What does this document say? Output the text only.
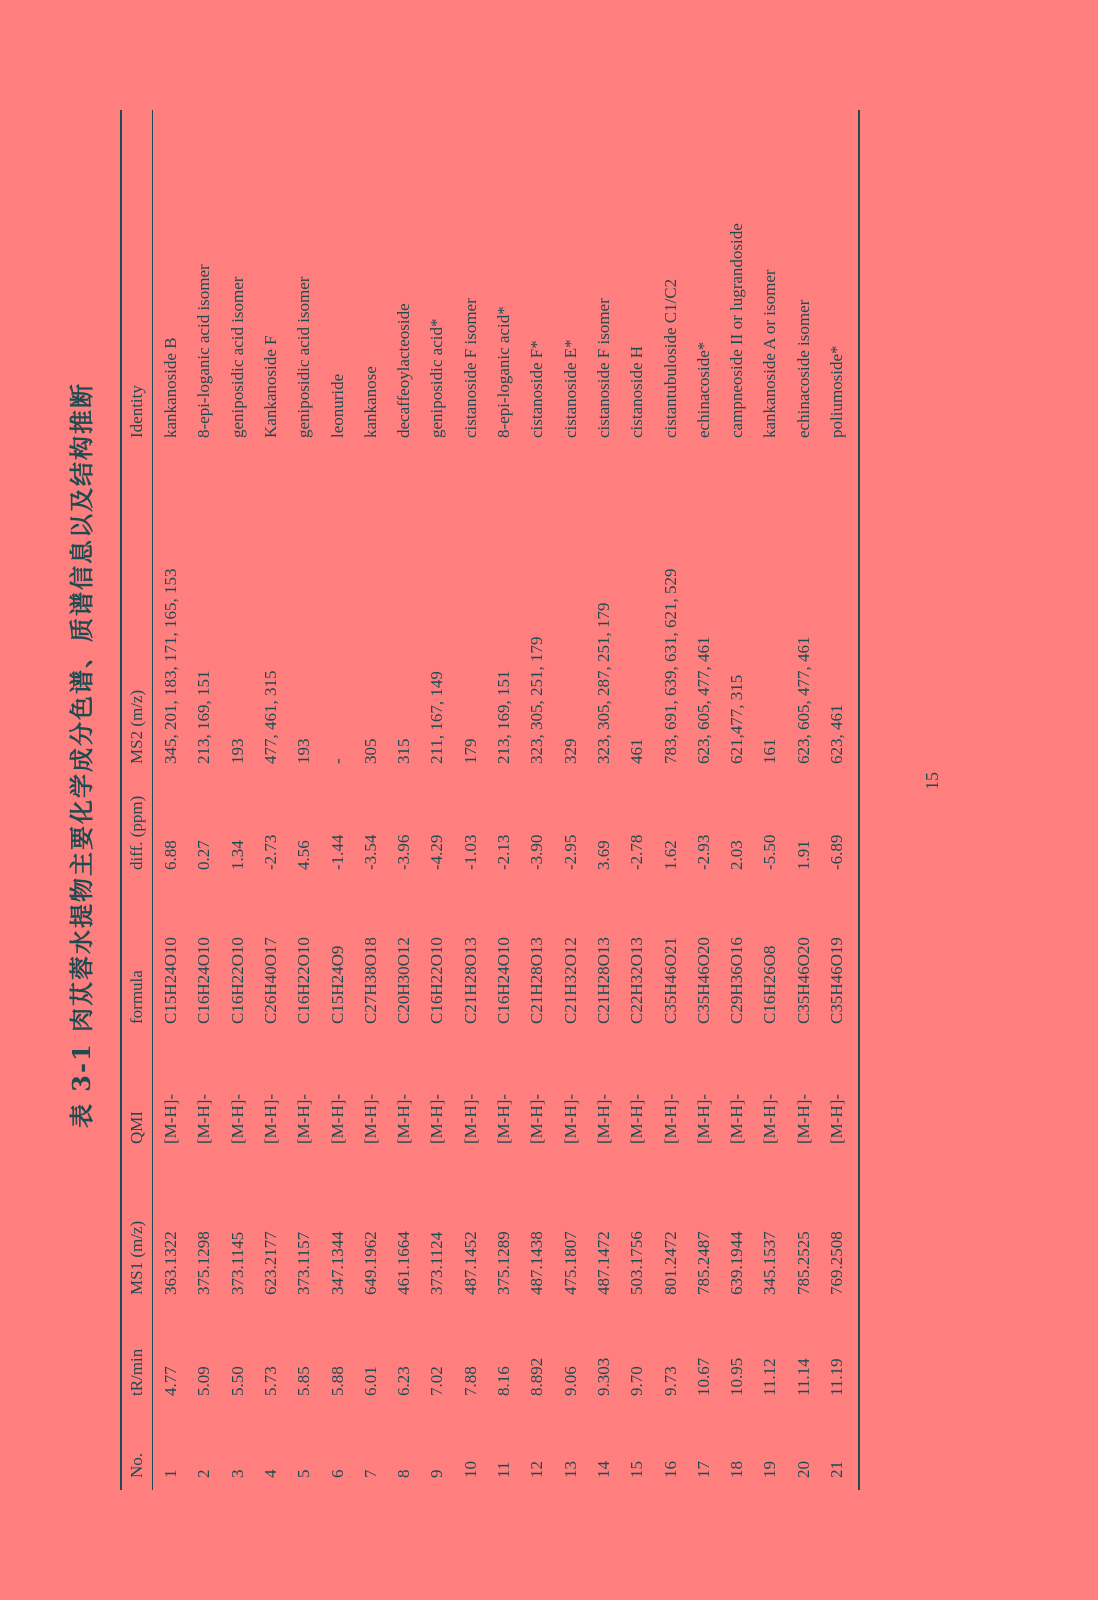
表 3-1 肉苁蓉水提物主要化学成分色谱、质谱信息以及结构推断
No.
tR/min
MS1 (m/z)
QMI
formula
diff. (ppm)
MS2 (m/z)
Identity
1
4.77
363.1322
[M-H]-
C15H24O10
6.88
345, 201, 183, 171, 165, 153
kankanoside B
2
5.09
375.1298
[M-H]-
C16H24O10
0.27
213, 169, 151
8-epi-loganic acid isomer
3
5.50
373.1145
[M-H]-
C16H22O10
1.34
193
geniposidic acid isomer
4
5.73
623.2177
[M-H]-
C26H40O17
-2.73
477, 461, 315
Kankanoside F
5
5.85
373.1157
[M-H]-
C16H22O10
4.56
193
geniposidic acid isomer
6
5.88
347.1344
[M-H]-
C15H24O9
-1.44
-
leonuride
7
6.01
649.1962
[M-H]-
C27H38O18
-3.54
305
kankanose
8
6.23
461.1664
[M-H]-
C20H30O12
-3.96
315
decaffeoylacteoside
9
7.02
373.1124
[M-H]-
C16H22O10
-4.29
211, 167, 149
geniposidic acid*
10
7.88
487.1452
[M-H]-
C21H28O13
-1.03
179
cistanoside F isomer
11
8.16
375.1289
[M-H]-
C16H24O10
-2.13
213, 169, 151
8-epi-loganic acid*
12
8.892
487.1438
[M-H]-
C21H28O13
-3.90
323, 305, 251, 179
cistanoside F*
13
9.06
475.1807
[M-H]-
C21H32O12
-2.95
329
cistanoside E*
14
9.303
487.1472
[M-H]-
C21H28O13
3.69
323, 305, 287, 251, 179
cistanoside F isomer
15
9.70
503.1756
[M-H]-
C22H32O13
-2.78
461
cistanoside H
16
9.73
801.2472
[M-H]-
C35H46O21
1.62
783, 691, 639, 631, 621, 529
cistantubuloside C1/C2
17
10.67
785.2487
[M-H]-
C35H46O20
-2.93
623, 605, 477, 461
echinacoside*
18
10.95
639.1944
[M-H]-
C29H36O16
2.03
621,477, 315
campneoside II or lugrandoside
19
11.12
345.1537
[M-H]-
C16H26O8
-5.50
161
kankanoside A or isomer
20
11.14
785.2525
[M-H]-
C35H46O20
1.91
623, 605, 477, 461
echinacoside isomer
21
11.19
769.2508
[M-H]-
C35H46O19
-6.89
623, 461
poliumoside*
15
